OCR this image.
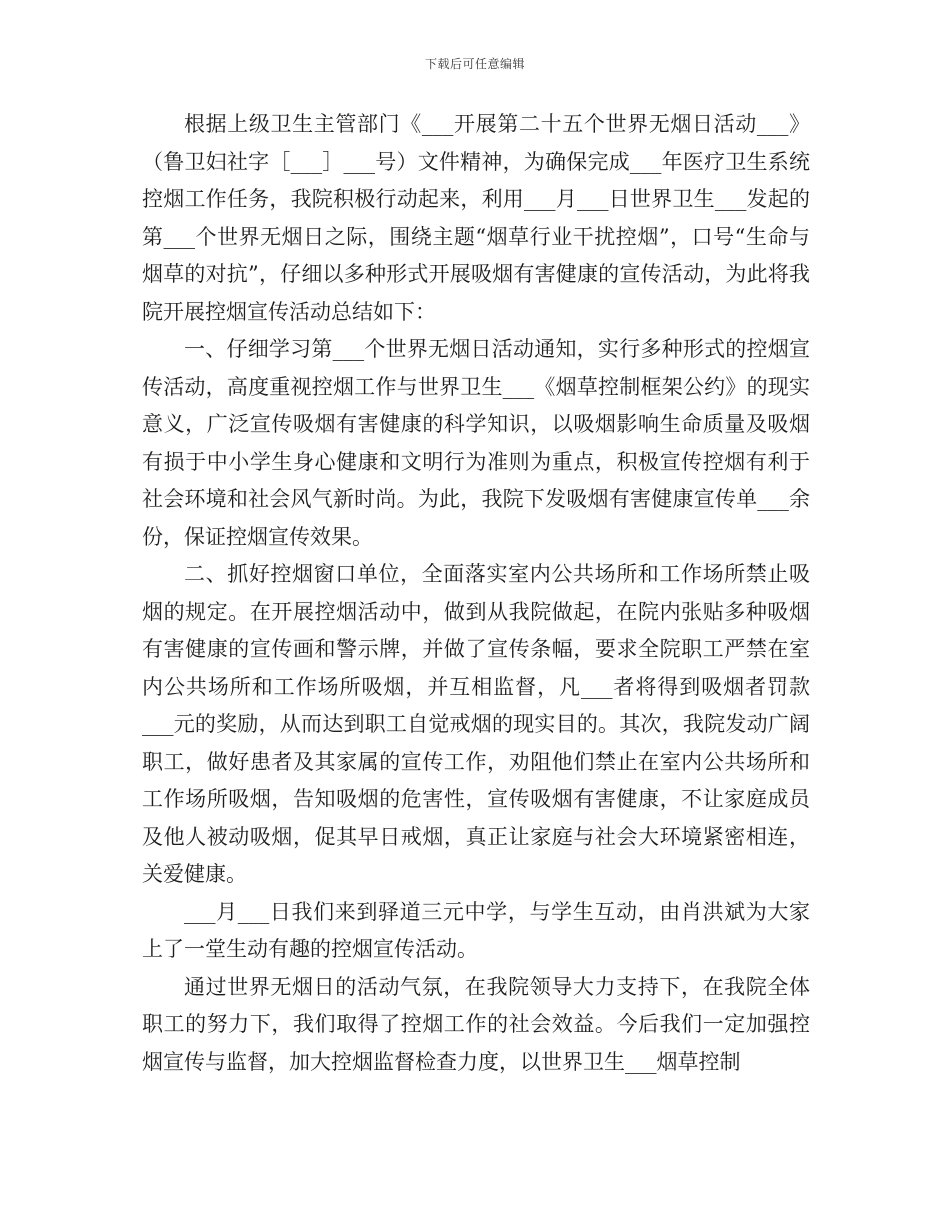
下载后可任意编辑

根据上级卫生主管部门《___开展第二十五个世界无烟日活动___》（鲁卫妇社字［___］___号）文件精神，为确保完成___年医疗卫生系统控烟工作任务，我院积极行动起来，利用___月___日世界卫生___发起的第___个世界无烟日之际，围绕主题“烟草行业干扰控烟”，口号“生命与烟草的对抗”，仔细以多种形式开展吸烟有害健康的宣传活动，为此将我院开展控烟宣传活动总结如下：

一、仔细学习第___个世界无烟日活动通知，实行多种形式的控烟宣传活动，高度重视控烟工作与世界卫生___《烟草控制框架公约》的现实意义，广泛宣传吸烟有害健康的科学知识，以吸烟影响生命质量及吸烟有损于中小学生身心健康和文明行为准则为重点，积极宣传控烟有利于社会环境和社会风气新时尚。为此，我院下发吸烟有害健康宣传单___余份，保证控烟宣传效果。

二、抓好控烟窗口单位，全面落实室内公共场所和工作场所禁止吸烟的规定。在开展控烟活动中，做到从我院做起，在院内张贴多种吸烟有害健康的宣传画和警示牌，并做了宣传条幅，要求全院职工严禁在室内公共场所和工作场所吸烟，并互相监督，凡___者将得到吸烟者罚款___元的奖励，从而达到职工自觉戒烟的现实目的。其次，我院发动广阔职工，做好患者及其家属的宣传工作，劝阻他们禁止在室内公共场所和工作场所吸烟，告知吸烟的危害性，宣传吸烟有害健康，不让家庭成员及他人被动吸烟，促其早日戒烟，真正让家庭与社会大环境紧密相连，关爱健康。

___月___日我们来到驿道三元中学，与学生互动，由肖洪斌为大家上了一堂生动有趣的控烟宣传活动。

通过世界无烟日的活动气氛，在我院领导大力支持下，在我院全体职工的努力下，我们取得了控烟工作的社会效益。今后我们一定加强控烟宣传与监督，加大控烟监督检查力度，以世界卫生___烟草控制
